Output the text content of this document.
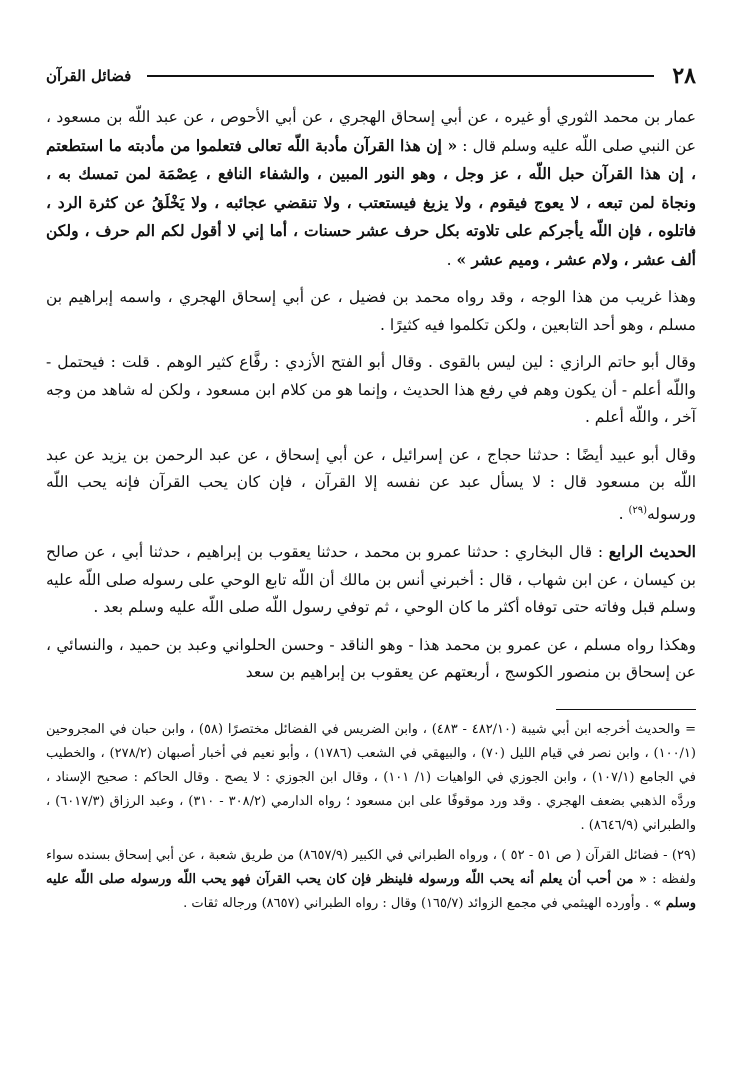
٢٨
فضائل القرآن

عمار بن محمد الثوري أو غيره ، عن أبي إسحاق الهجري ، عن أبي الأحوص ، عن عبد اللّه بن مسعود ، عن النبي صلى اللّه عليه وسلم قال : « إن هذا القرآن مأدبة اللّه تعالى فتعلموا من مأدبته ما استطعتم ، إن هذا القرآن حبل اللّه ، عز وجل ، وهو النور المبين ، والشفاء النافع ، عِصْمَة لمن تمسك به ، ونجاة لمن تبعه ، لا يعوج فيقوم ، ولا يزيغ فيستعتب ، ولا تنقضي عجائبه ، ولا يَخْلَقُ عن كثرة الرد ، فاتلوه ، فإن اللّه يأجركم على تلاوته بكل حرف عشر حسنات ، أما إني لا أقول لكم الم حرف ، ولكن ألف عشر ، ولام عشر ، وميم عشر » .

وهذا غريب من هذا الوجه ، وقد رواه محمد بن فضيل ، عن أبي إسحاق الهجري ، واسمه إبراهيم بن مسلم ، وهو أحد التابعين ، ولكن تكلموا فيه كثيرًا .

وقال أبو حاتم الرازي : لين ليس بالقوى . وقال أبو الفتح الأزدي : رفَّاع كثير الوهم . قلت : فيحتمل - واللّه أعلم - أن يكون وهم في رفع هذا الحديث ، وإنما هو من كلام ابن مسعود ، ولكن له شاهد من وجه آخر ، واللّه أعلم .

وقال أبو عبيد أيضًا : حدثنا حجاج ، عن إسرائيل ، عن أبي إسحاق ، عن عبد الرحمن بن يزيد عن عبد اللّه بن مسعود قال : لا يسأل عبد عن نفسه إلا القرآن ، فإن كان يحب القرآن فإنه يحب اللّه ورسوله$^{(٢٩)}$ .

الحديث الرابع : قال البخاري : حدثنا عمرو بن محمد ، حدثنا يعقوب بن إبراهيم ، حدثنا أبي ، عن صالح بن كيسان ، عن ابن شهاب ، قال : أخبرني أنس بن مالك أن اللّه تابع الوحي على رسوله صلى اللّه عليه وسلم قبل وفاته حتى توفاه أكثر ما كان الوحي ، ثم توفي رسول اللّه صلى اللّه عليه وسلم بعد .

وهكذا رواه مسلم ، عن عمرو بن محمد هذا - وهو الناقد - وحسن الحلواني وعبد بن حميد ، والنسائي ، عن إسحاق بن منصور الكوسج ، أربعتهم عن يعقوب بن إبراهيم بن سعد

= والحديث أخرجه ابن أبي شيبة (٤٨٢/١٠ - ٤٨٣) ، وابن الضريس في الفضائل مختصرًا (٥٨) ، وابن حبان في المجروحين (١٠٠/١) ، وابن نصر في قيام الليل (٧٠) ، والبيهقي في الشعب (١٧٨٦) ، وأبو نعيم في أخبار أصبهان (٢٧٨/٢) ، والخطيب في الجامع (١٠٧/١) ، وابن الجوزي في الواهيات (١/ ١٠١) ، وقال ابن الجوزي : لا يصح . وقال الحاكم : صحيح الإسناد ، وردَّه الذهبي بضعف الهجري . وقد ورد موقوفًا على ابن مسعود ؛ رواه الدارمي (٣٠٨/٢ - ٣١٠) ، وعبد الرزاق (٦٠١٧/٣) ، والطبراني (٨٦٤٦/٩) .

(٢٩) - فضائل القرآن ( ص ٥١ - ٥٢ ) ، ورواه الطبراني في الكبير (٨٦٥٧/٩) من طريق شعبة ، عن أبي إسحاق بسنده سواء ولفظه : « من أحب أن يعلم أنه يحب اللّه ورسوله فلينظر فإن كان يحب القرآن فهو يحب اللّه ورسوله صلى اللّه عليه وسلم » . وأورده الهيثمي في مجمع الزوائد (١٦٥/٧) وقال : رواه الطبراني (٨٦٥٧) ورجاله ثقات .
